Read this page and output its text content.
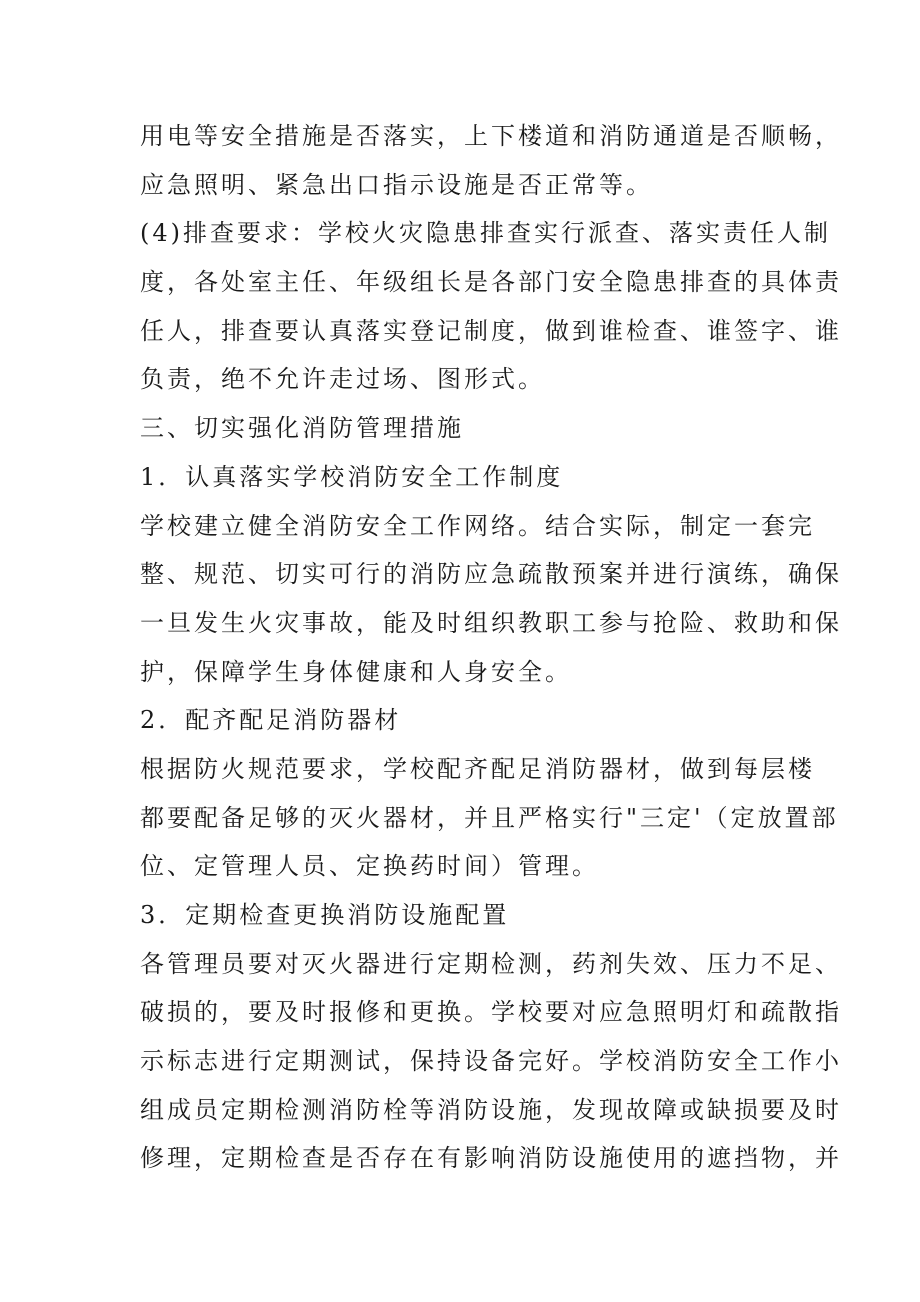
用电等安全措施是否落实，上下楼道和消防通道是否顺畅，
应急照明、紧急出口指示设施是否正常等。
(4)排查要求：学校火灾隐患排查实行派查、落实责任人制
度，各处室主任、年级组长是各部门安全隐患排查的具体责
任人，排查要认真落实登记制度，做到谁检查、谁签字、谁
负责，绝不允许走过场、图形式。
三、切实强化消防管理措施
1．认真落实学校消防安全工作制度
学校建立健全消防安全工作网络。结合实际，制定一套完
整、规范、切实可行的消防应急疏散预案并进行演练，确保
一旦发生火灾事故，能及时组织教职工参与抢险、救助和保
护，保障学生身体健康和人身安全。
2．配齐配足消防器材
根据防火规范要求，学校配齐配足消防器材，做到每层楼
都要配备足够的灭火器材，并且严格实行"三定'（定放置部
位、定管理人员、定换药时间）管理。
3．定期检查更换消防设施配置
各管理员要对灭火器进行定期检测，药剂失效、压力不足、
破损的，要及时报修和更换。学校要对应急照明灯和疏散指
示标志进行定期测试，保持设备完好。学校消防安全工作小
组成员定期检测消防栓等消防设施，发现故障或缺损要及时
修理，定期检查是否存在有影响消防设施使用的遮挡物，并
